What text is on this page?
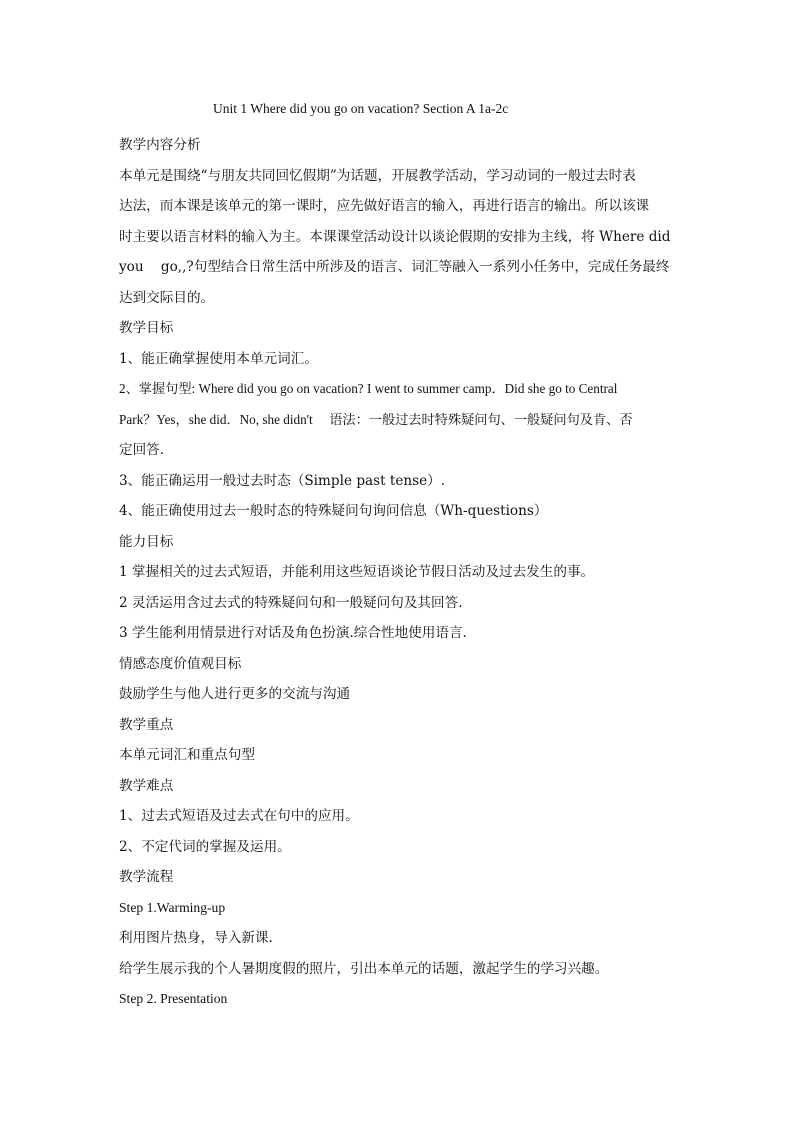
Unit 1 Where did you go on vacation? Section A 1a-2c

教学内容分析

本单元是围绕“与朋友共同回忆假期”为话题，开展教学活动，学习动词的一般过去时表

达法，而本课是该单元的第一课时，应先做好语言的输入，再进行语言的输出。所以该课

时主要以语言材料的输入为主。本课课堂活动设计以谈论假期的安排为主线，将 Where did

you    go,,?句型结合日常生活中所涉及的语言、词汇等融入一系列小任务中，完成任务最终

达到交际目的。

教学目标

1、能正确掌握使用本单元词汇。

2、掌握句型: Where did you go on vacation? I went to summer camp．Did she go to Central

Park？Yes，she did．No, she didn't     语法：一般过去时特殊疑问句、一般疑问句及肯、否

定回答.

3、能正确运用一般过去时态（Simple past tense）.

4、能正确使用过去一般时态的特殊疑问句询问信息（Wh-questions）

能力目标

1 掌握相关的过去式短语，并能利用这些短语谈论节假日活动及过去发生的事。

2 灵活运用含过去式的特殊疑问句和一般疑问句及其回答.

3 学生能利用情景进行对话及角色扮演.综合性地使用语言.

情感态度价值观目标

鼓励学生与他人进行更多的交流与沟通

教学重点

本单元词汇和重点句型

教学难点

1、过去式短语及过去式在句中的应用。

2、不定代词的掌握及运用。

教学流程

Step 1.Warming-up

利用图片热身，导入新课.

给学生展示我的个人暑期度假的照片，引出本单元的话题，激起学生的学习兴趣。

Step 2. Presentation
